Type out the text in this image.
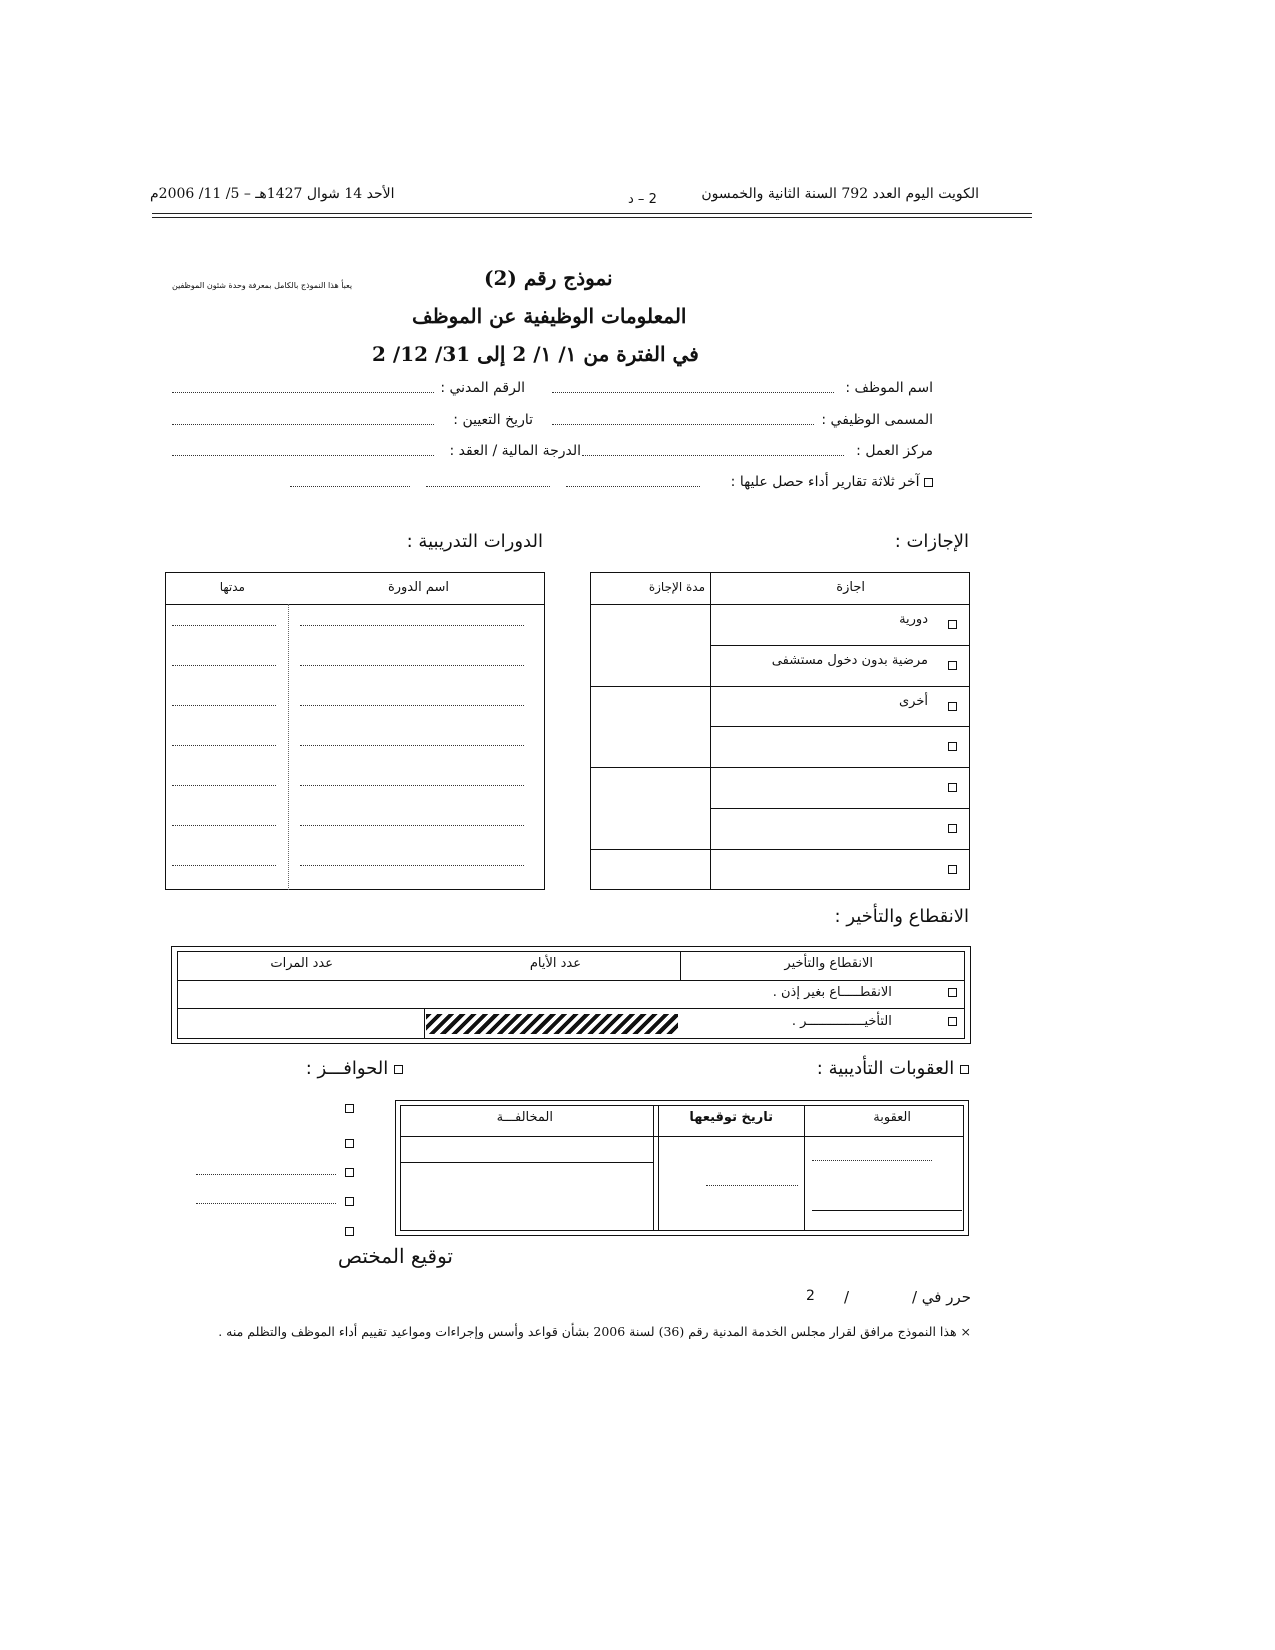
الكويت اليوم العدد 792 السنة الثانية والخمسون
2 – د
الأحد 14 شوال 1427هـ – 5/ 11/ 2006م
نموذج رقم (2)
يعبأ هذا النموذج بالكامل بمعرفة وحدة شئون الموظفين
المعلومات الوظيفية عن الموظف
في الفترة من ١/ ١/ 2 إلى 31/ 12/ 2
اسم الموظف :
الرقم المدني :
المسمى الوظيفي :
تاريخ التعيين :
مركز العمل :
الدرجة المالية / العقد :
آخر ثلاثة تقارير أداء حصل عليها :
الإجازات :
اجازة
مدة الإجازة
دورية
مرضية بدون دخول مستشفى
أخرى
الدورات التدريبية :
اسم الدورة
مدتها
الانقطاع والتأخير :
الانقطاع والتأخير
عدد الأيام
عدد المرات
الانقطـــــاع بغير إذن .
التأخيـــــــــــــــر .
العقوبات التأديبية :
العقوبة
تاريخ توقيعها
المخالفـــة
الحوافـــز :
توقيع المختص
حرر في
/
/
2
× هذا النموذج مرافق لقرار مجلس الخدمة المدنية رقم (36) لسنة 2006 بشأن قواعد وأسس وإجراءات ومواعيد تقييم أداء الموظف والتظلم منه .
